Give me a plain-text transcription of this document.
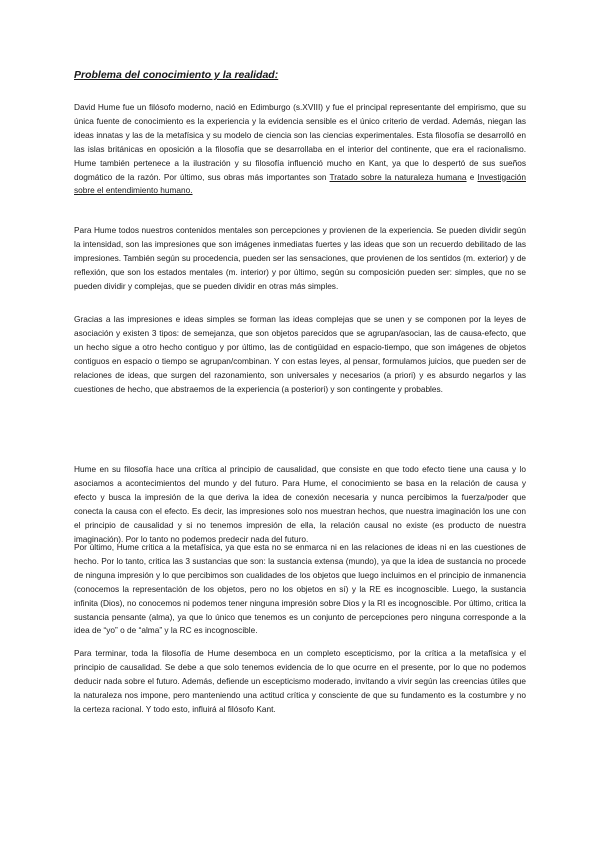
Problema del conocimiento y la realidad:

David Hume fue un filósofo moderno, nació en Edimburgo (s.XVIII) y fue el principal representante del empirismo, que su única fuente de conocimiento es la experiencia y la evidencia sensible es el único criterio de verdad. Además, niegan las ideas innatas y las de la metafísica y su modelo de ciencia son las ciencias experimentales. Esta filosofía se desarrolló en las islas británicas en oposición a la filosofía que se desarrollaba en el interior del continente, que era el racionalismo. Hume también pertenece a la ilustración y su filosofía influenció mucho en Kant, ya que lo despertó de sus sueños dogmático de la razón. Por último, sus obras más importantes son Tratado sobre la naturaleza humana e Investigación sobre el entendimiento humano.

Para Hume todos nuestros contenidos mentales son percepciones y provienen de la experiencia. Se pueden dividir según la intensidad, son las impresiones que son imágenes inmediatas fuertes y las ideas que son un recuerdo debilitado de las impresiones. También según su procedencia, pueden ser las sensaciones, que provienen de los sentidos (m. exterior) y de reflexión, que son los estados mentales (m. interior) y por último, según su composición pueden ser: simples, que no se pueden dividir y complejas, que se pueden dividir en otras más simples.

Gracias a las impresiones e ideas simples se forman las ideas complejas que se unen y se componen por la leyes de asociación y existen 3 tipos: de semejanza, que son objetos parecidos que se agrupan/asocian, las de causa-efecto, que un hecho sigue a otro hecho contiguo y por último, las de contigüidad en espacio-tiempo, que son imágenes de objetos contiguos en espacio o tiempo se agrupan/combinan. Y con estas leyes, al pensar, formulamos juicios, que pueden ser de relaciones de ideas, que surgen del razonamiento, son universales y necesarios (a priori) y es absurdo negarlos y las cuestiones de hecho, que abstraemos de la experiencia (a posteriori) y son contingente y probables.

Hume en su filosofía hace una crítica al principio de causalidad, que consiste en que todo efecto tiene una causa y lo asociamos a acontecimientos del mundo y del futuro. Para Hume, el conocimiento se basa en la relación de causa y efecto y busca la impresión de la que deriva la idea de conexión necesaria y nunca percibimos la fuerza/poder que conecta la causa con el efecto. Es decir, las impresiones solo nos muestran hechos, que nuestra imaginación los une con el principio de causalidad y si no tenemos impresión de ella, la relación causal no existe (es producto de nuestra imaginación). Por lo tanto no podemos predecir nada del futuro.

Por último, Hume critica a la metafísica, ya que esta no se enmarca ni en las relaciones de ideas ni en las cuestiones de hecho. Por lo tanto, critica las 3 sustancias que son: la sustancia extensa (mundo), ya que la idea de sustancia no procede de ninguna impresión y lo que percibimos son cualidades de los objetos que luego incluimos en el principio de inmanencia (conocemos la representación de los objetos, pero no los objetos en sí) y la RE es incognoscible. Luego, la sustancia infinita (Dios), no conocemos ni podemos tener ninguna impresión sobre Dios y la RI es incognoscible. Por último, critica la sustancia pensante (alma), ya que lo único que tenemos es un conjunto de percepciones pero ninguna corresponde a la idea de “yo” o de “alma” y la RC es incognoscible.

Para terminar, toda la filosofía de Hume desemboca en un completo escepticismo, por la crítica a la metafísica y el principio de causalidad. Se debe a que solo tenemos evidencia de lo que ocurre en el presente, por lo que no podemos deducir nada sobre el futuro. Además, defiende un escepticismo moderado, invitando a vivir según las creencias útiles que la naturaleza nos impone, pero manteniendo una actitud crítica y consciente de que su fundamento es la costumbre y no la certeza racional. Y todo esto, influirá al filósofo Kant.
